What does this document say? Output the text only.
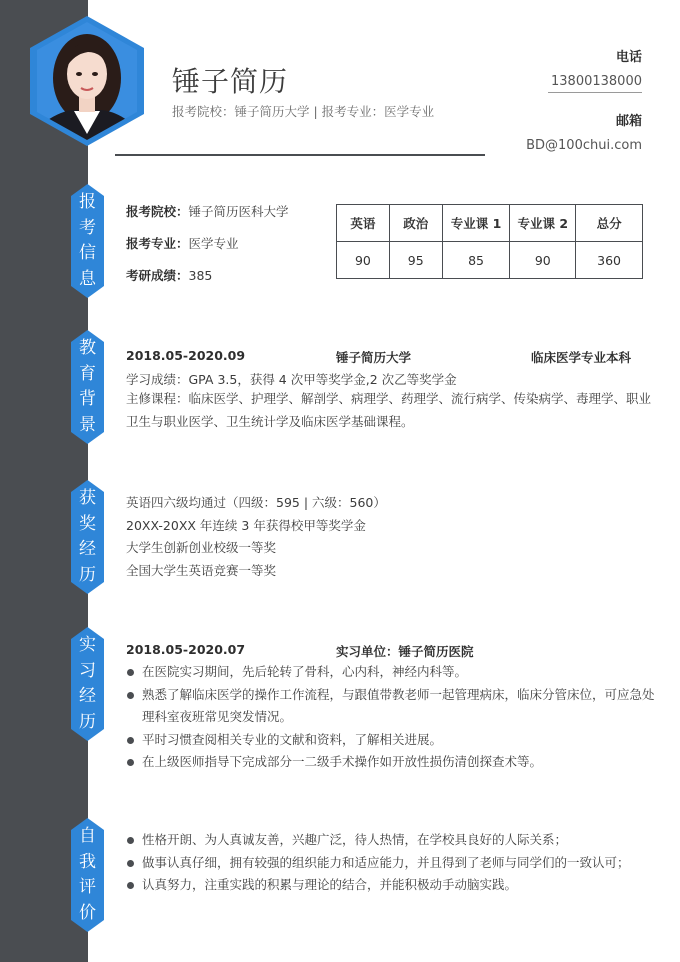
锤子简历
报考院校：锤子简历大学 | 报考专业：医学专业
电话
13800138000
邮箱
BD@100chui.com
报考信息
教育背景
获奖经历
实习经历
自我评价
报考院校：锤子简历医科大学
报考专业：医学专业
考研成绩：385
英语	政治	专业课 1	专业课 2	总分
90	95	85	90	360
2018.05-2020.09	锤子简历大学	临床医学专业本科
学习成绩：GPA 3.5，获得 4 次甲等奖学金,2 次乙等奖学金
主修课程：临床医学、护理学、解剖学、病理学、药理学、流行病学、传染病学、毒理学、职业卫生与职业医学、卫生统计学及临床医学基础课程。
英语四六级均通过（四级：595 | 六级：560）
20XX-20XX 年连续 3 年获得校甲等奖学金
大学生创新创业校级一等奖
全国大学生英语竞赛一等奖
2018.05-2020.07	实习单位：锤子简历医院
在医院实习期间，先后轮转了骨科，心内科，神经内科等。
熟悉了解临床医学的操作工作流程，与跟值带教老师一起管理病床，临床分管床位，可应急处理科室夜班常见突发情况。
平时习惯查阅相关专业的文献和资料，了解相关进展。
在上级医师指导下完成部分一二级手术操作如开放性损伤清创探查术等。
性格开朗、为人真诚友善，兴趣广泛，待人热情，在学校具良好的人际关系；
做事认真仔细，拥有较强的组织能力和适应能力，并且得到了老师与同学们的一致认可；
认真努力，注重实践的积累与理论的结合，并能积极动手动脑实践。
